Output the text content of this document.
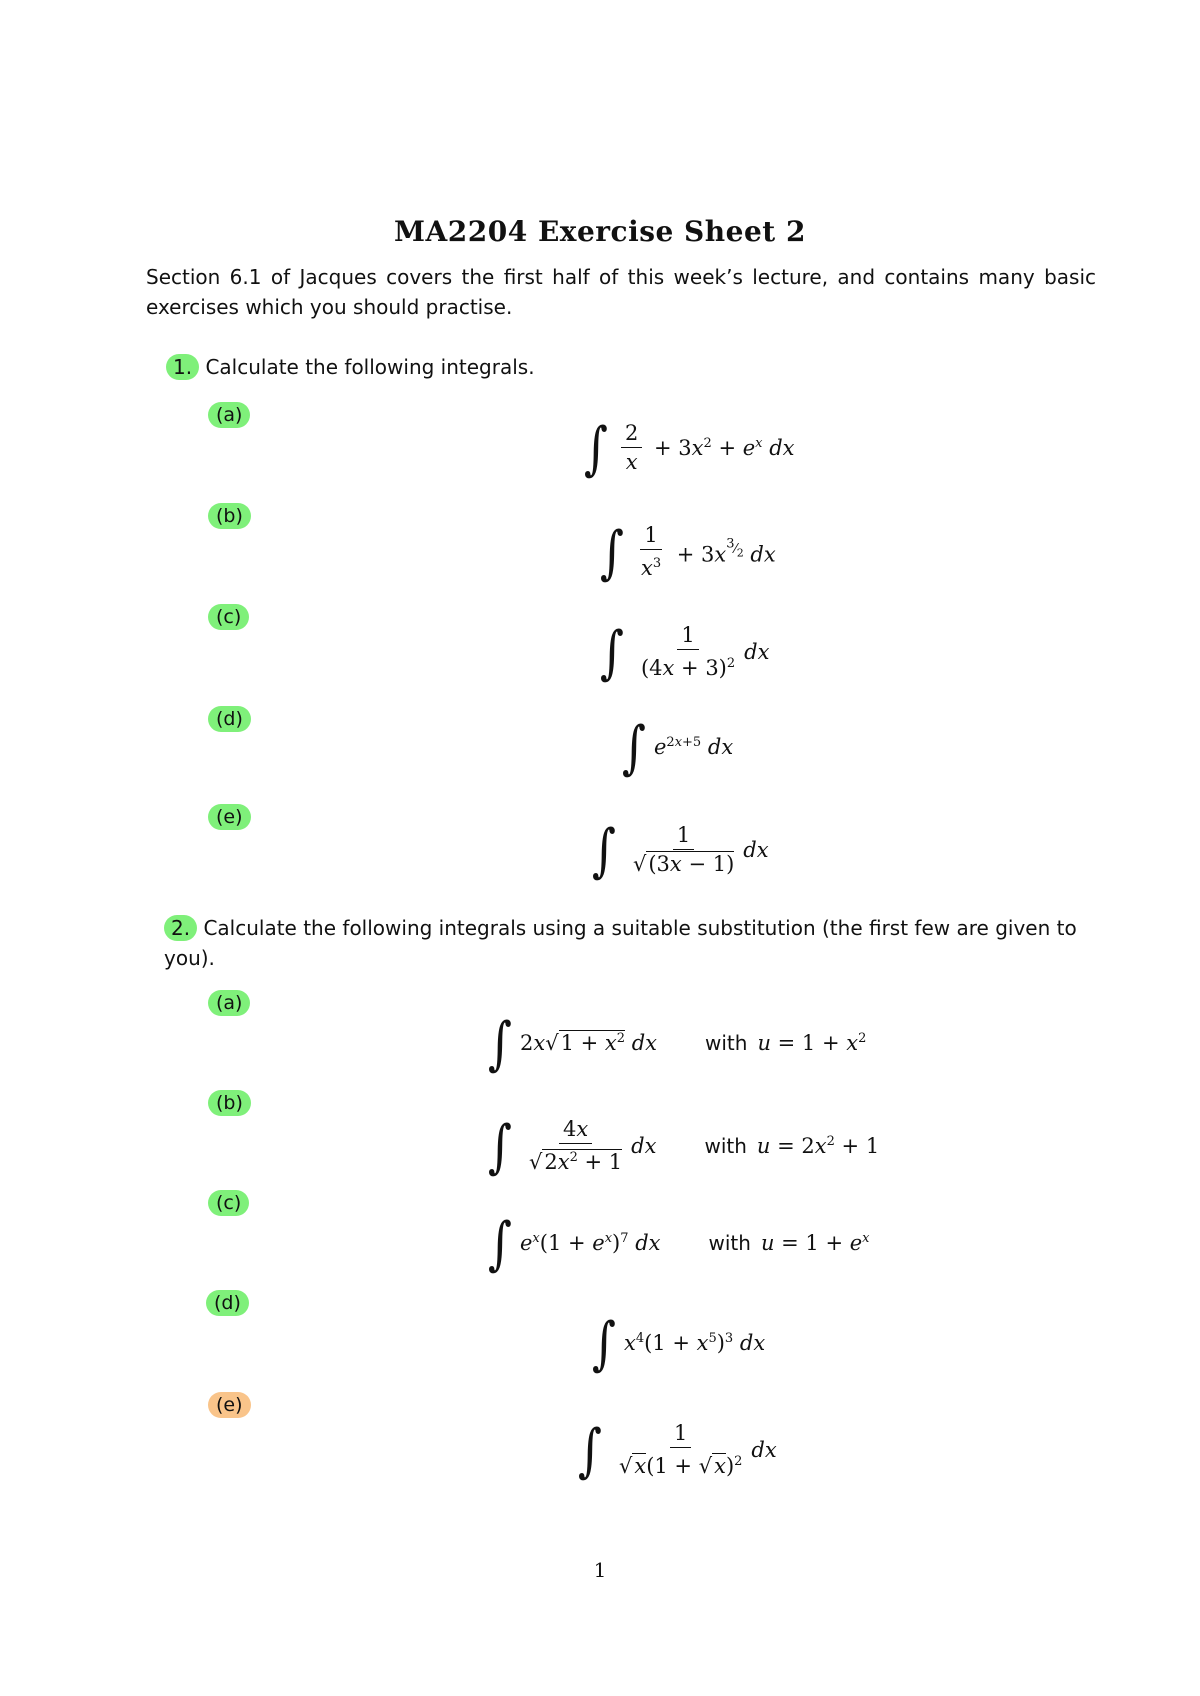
MA2204 Exercise Sheet 2
Section 6.1 of Jacques covers the first half of this week’s lecture, and contains many basic exercises which you should practise.
1. Calculate the following integrals.
(a)	∫ $\frac{2}{x} + 3x^2 + e^x$ dx
(b)
∫ $\frac{1}{x^3} + 3x^{^3⁄_2}$ dx
(c)
∫ $\frac{1}{(4x + 3)^2}$ dx
(d)	∫ $e^{2x+5}$ dx
(e)	∫ $\frac{1}{√(3x - 1)}$ dx
2. Calculate the following integrals using a suitable substitution (the first few are given to you).
(a)
∫ $2x√1 + x^2$ dx with $u = 1 + x^2$
(b)
∫ $\frac{4x}{√2x^2 + 1}$ dx with $u = 2x^2 + 1$
(c)
∫ $e^x(1 + e^x)^7$ dx with $u = 1 + e^x$
(d)
∫ $x^4(1 + x^5)^3$ dx
(e)
∫ $\frac{1}{√x(1 + √x)^2}$ dx
1
